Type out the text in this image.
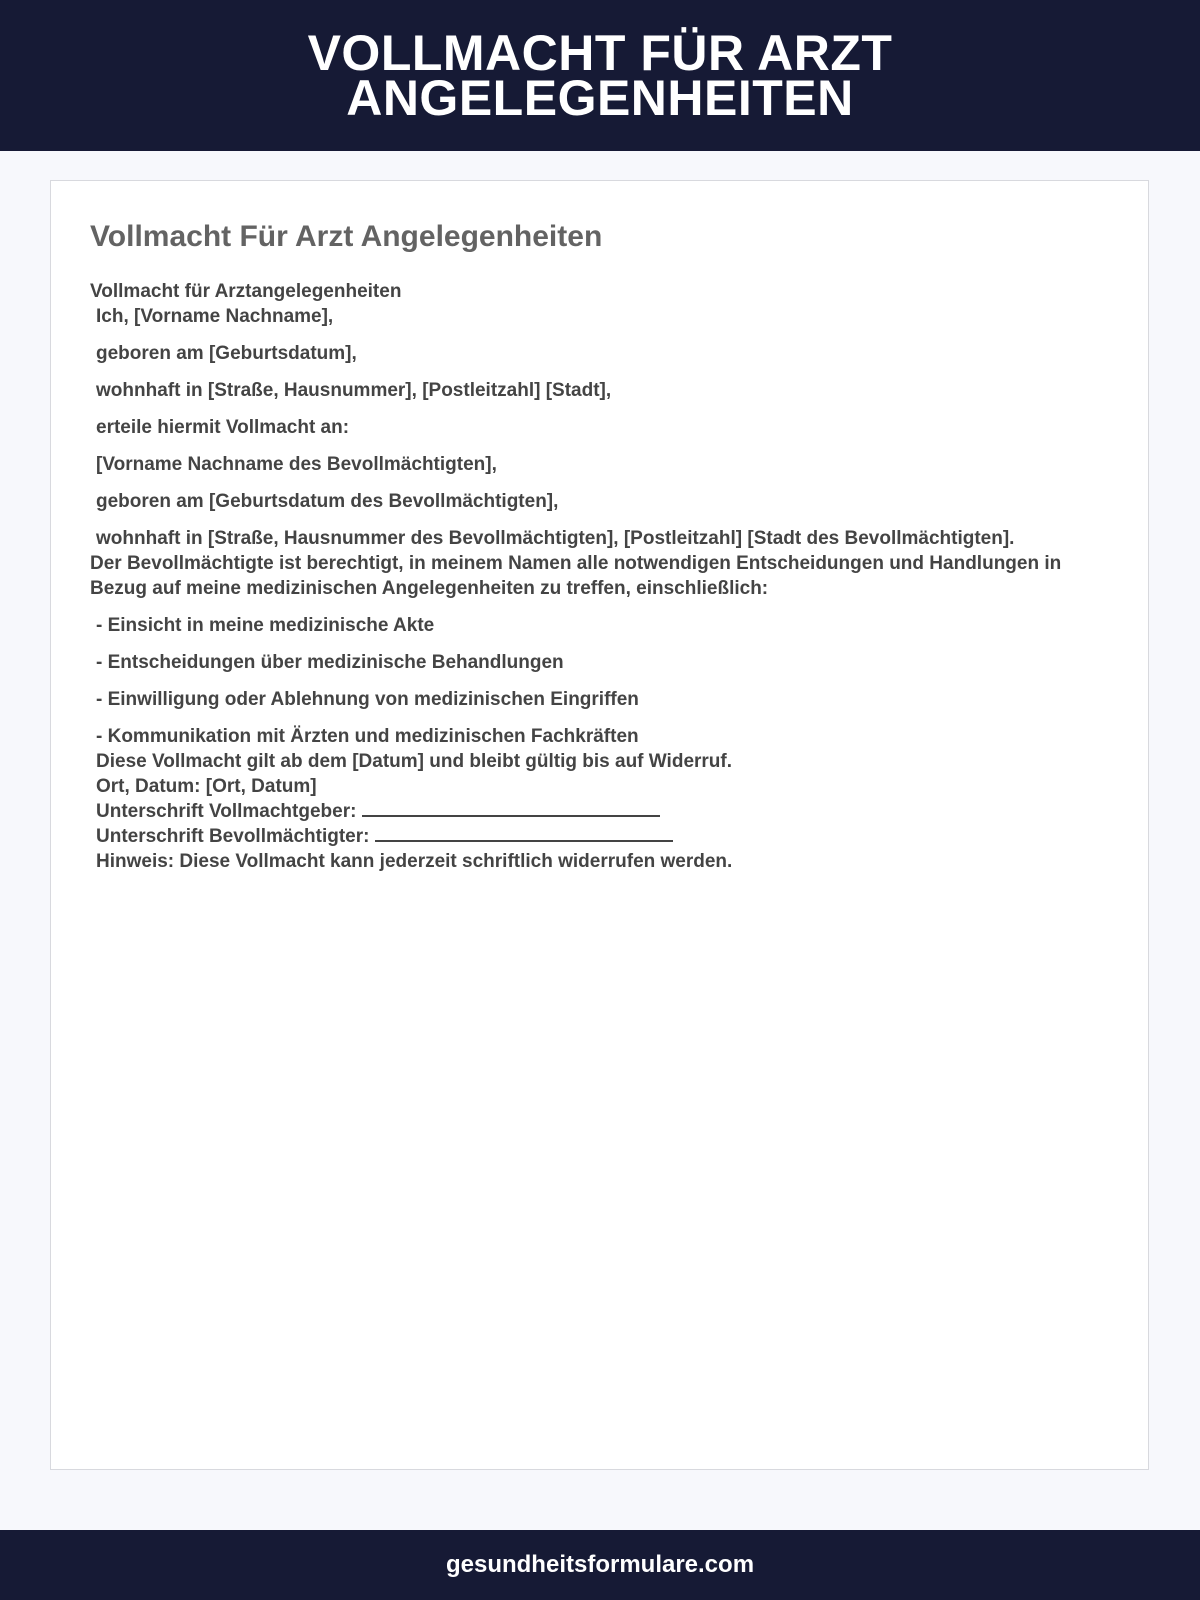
VOLLMACHT FÜR ARZT
ANGELEGENHEITEN
Vollmacht Für Arzt Angelegenheiten
Vollmacht für Arztangelegenheiten
Ich, [Vorname Nachname],
geboren am [Geburtsdatum],
wohnhaft in [Straße, Hausnummer], [Postleitzahl] [Stadt],
erteile hiermit Vollmacht an:
[Vorname Nachname des Bevollmächtigten],
geboren am [Geburtsdatum des Bevollmächtigten],
wohnhaft in [Straße, Hausnummer des Bevollmächtigten], [Postleitzahl] [Stadt des Bevollmächtigten].
Der Bevollmächtigte ist berechtigt, in meinem Namen alle notwendigen Entscheidungen und Handlungen in Bezug auf meine medizinischen Angelegenheiten zu treffen, einschließlich:
- Einsicht in meine medizinische Akte
- Entscheidungen über medizinische Behandlungen
- Einwilligung oder Ablehnung von medizinischen Eingriffen
- Kommunikation mit Ärzten und medizinischen Fachkräften
Diese Vollmacht gilt ab dem [Datum] und bleibt gültig bis auf Widerruf.
Ort, Datum: [Ort, Datum]
Unterschrift Vollmachtgeber:
Unterschrift Bevollmächtigter:
Hinweis: Diese Vollmacht kann jederzeit schriftlich widerrufen werden.
gesundheitsformulare.com
